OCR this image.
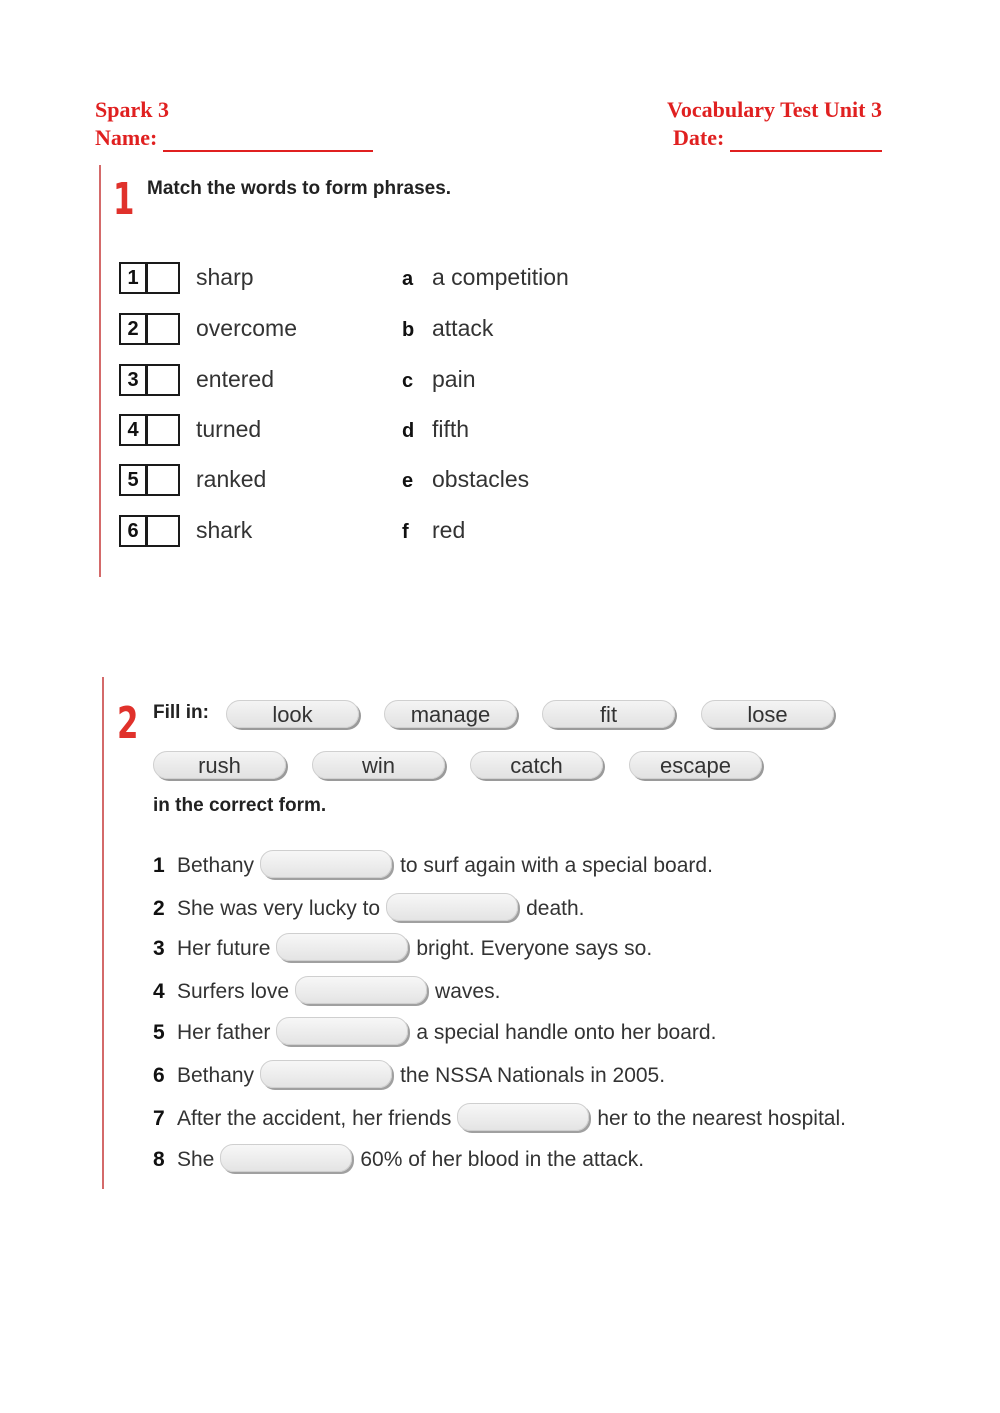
Spark 3	Vocabulary Test Unit 3
Name:	Date:
1 Match the words to form phrases.
1	sharp	a a competition
2	overcome	b attack
3	entered	c pain
4	turned	d fifth
5	ranked	e obstacles
6	shark	f red
2 Fill in:	look	manage	fit	lose
rush	win	catch	escape
in the correct form.
1 Bethany	to surf again with a special board.
2 She was very lucky to	death.
3 Her future	bright. Everyone says so.
4 Surfers love	waves.
5 Her father	a special handle onto her board.
6 Bethany	the NSSA Nationals in 2005.
7 After the accident, her friends	her to the nearest hospital.
8 She	60% of her blood in the attack.
